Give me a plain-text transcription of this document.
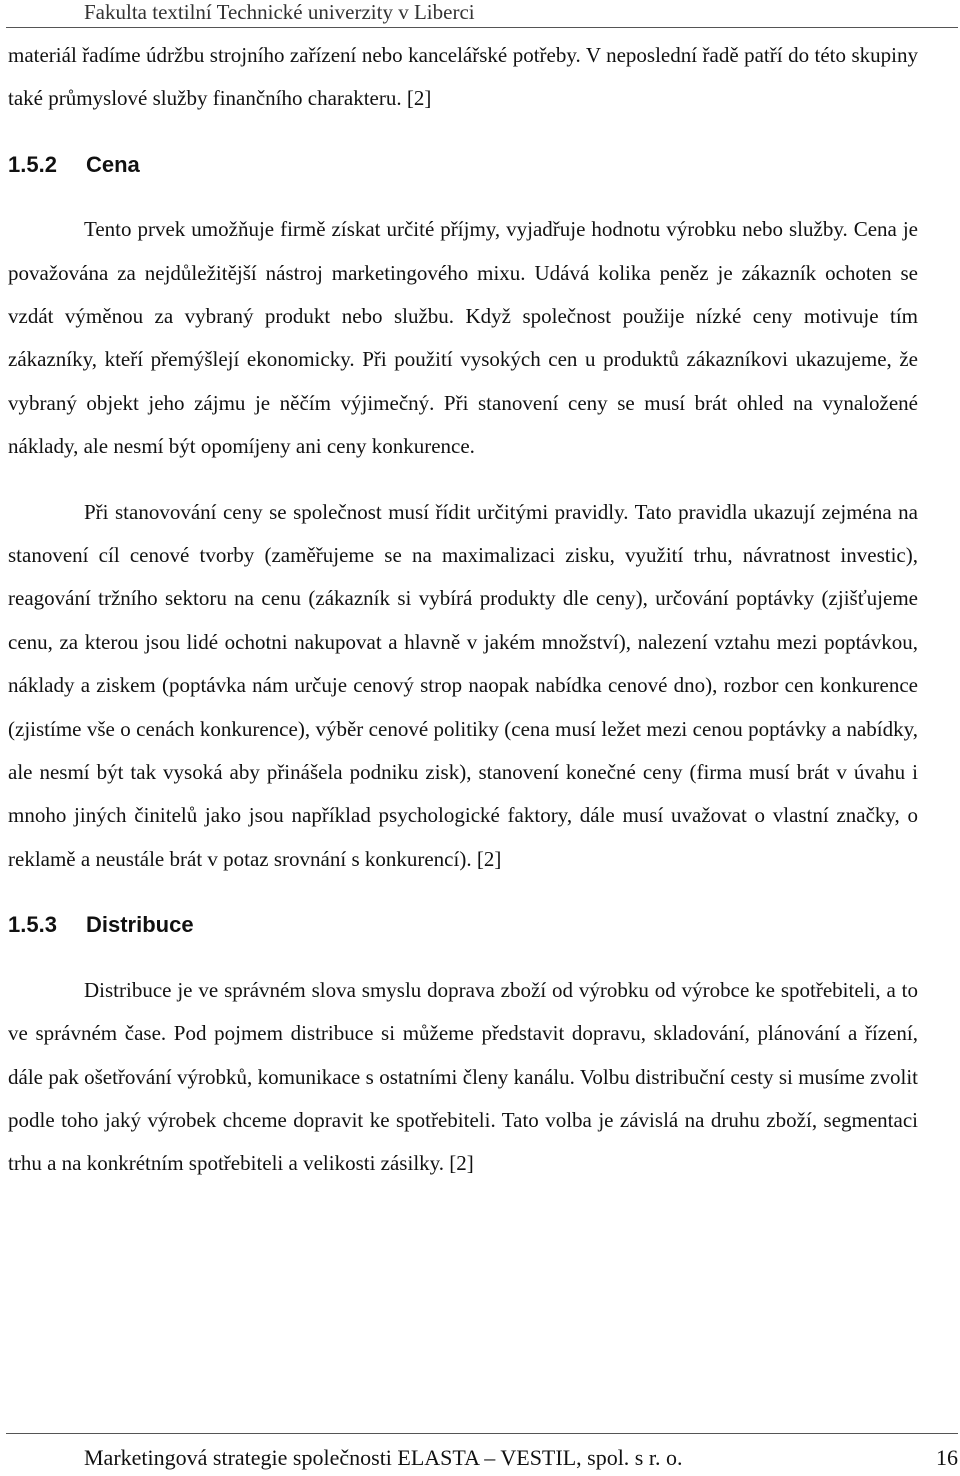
Fakulta textilní Technické univerzity v Liberci

materiál řadíme údržbu strojního zařízení nebo kancelářské potřeby. V neposlední řadě patří do této skupiny také průmyslové služby finančního charakteru. [2]

1.5.2 Cena

Tento prvek umožňuje firmě získat určité příjmy, vyjadřuje hodnotu výrobku nebo služby. Cena je považována za nejdůležitější nástroj marketingového mixu. Udává kolika peněz je zákazník ochoten se vzdát výměnou za vybraný produkt nebo službu. Když společnost použije nízké ceny motivuje tím zákazníky, kteří přemýšlejí ekonomicky. Při použití vysokých cen u produktů zákazníkovi ukazujeme, že vybraný objekt jeho zájmu je něčím výjimečný. Při stanovení ceny se musí brát ohled na vynaložené náklady, ale nesmí být opomíjeny ani ceny konkurence.

Při stanovování ceny se společnost musí řídit určitými pravidly. Tato pravidla ukazují zejména na stanovení cíl cenové tvorby (zaměřujeme se na maximalizaci zisku, využití trhu, návratnost investic), reagování tržního sektoru na cenu (zákazník si vybírá produkty dle ceny), určování poptávky (zjišťujeme cenu, za kterou jsou lidé ochotni nakupovat a hlavně v jakém množství), nalezení vztahu mezi poptávkou, náklady a ziskem (poptávka nám určuje cenový strop naopak nabídka cenové dno), rozbor cen konkurence (zjistíme vše o cenách konkurence), výběr cenové politiky (cena musí ležet mezi cenou poptávky a nabídky, ale nesmí být tak vysoká aby přinášela podniku zisk), stanovení konečné ceny (firma musí brát v úvahu i mnoho jiných činitelů jako jsou například psychologické faktory, dále musí uvažovat o vlastní značky, o reklamě a neustále brát v potaz srovnání s konkurencí). [2]

1.5.3 Distribuce

Distribuce je ve správném slova smyslu doprava zboží od výrobku od výrobce ke spotřebiteli, a to ve správném čase. Pod pojmem distribuce si můžeme představit dopravu, skladování, plánování a řízení, dále pak ošetřování výrobků, komunikace s ostatními členy kanálu. Volbu distribuční cesty si musíme zvolit podle toho jaký výrobek chceme dopravit ke spotřebiteli. Tato volba je závislá na druhu zboží, segmentaci trhu a na konkrétním spotřebiteli a velikosti zásilky. [2]

Marketingová strategie společnosti ELASTA – VESTIL, spol. s r. o.	16
